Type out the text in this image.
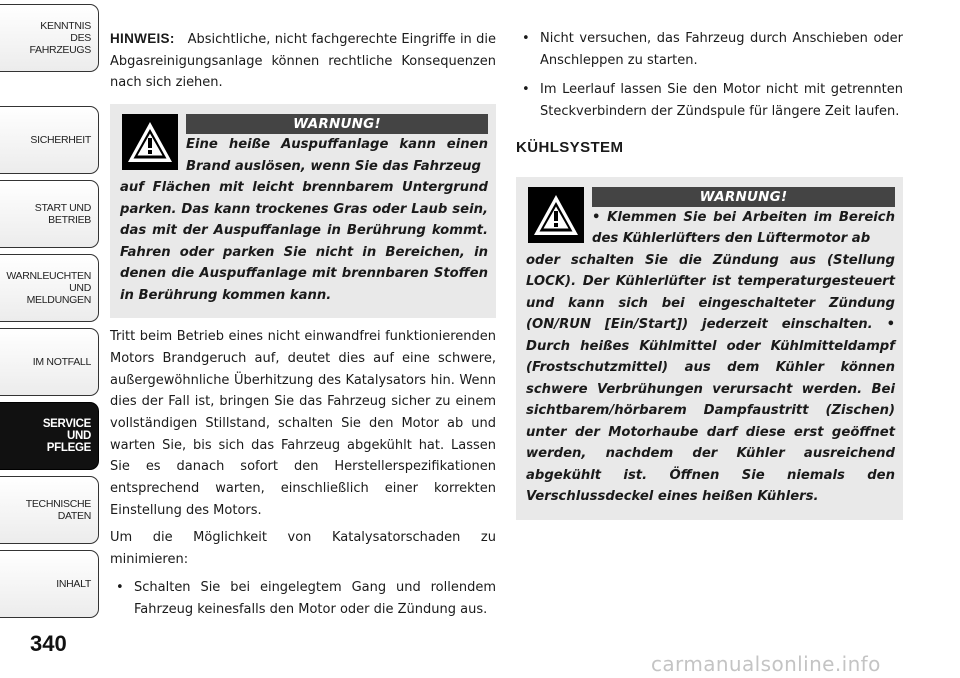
KENNTNIS
DES
FAHRZEUGS
SICHERHEIT
START UND
BETRIEB
WARNLEUCHTEN
UND
MELDUNGEN
IM NOTFALL
SERVICE
UND
PFLEGE
TECHNISCHE
DATEN
INHALT
340

HINWEIS: Absichtliche, nicht fachgerechte Eingriffe in die Abgasreinigungsanlage können rechtliche Konsequenzen nach sich ziehen.

WARNUNG!
Eine heiße Auspuffanlage kann einen Brand auslösen, wenn Sie das Fahrzeug
auf Flächen mit leicht brennbarem Untergrund parken. Das kann trockenes Gras oder Laub sein, das mit der Auspuffanlage in Berührung kommt. Fahren oder parken Sie nicht in Bereichen, in denen die Auspuffanlage mit brennbaren Stoffen in Berührung kommen kann.

Tritt beim Betrieb eines nicht einwandfrei funktionierenden Motors Brandgeruch auf, deutet dies auf eine schwere, außergewöhnliche Überhitzung des Katalysators hin. Wenn dies der Fall ist, bringen Sie das Fahrzeug sicher zu einem vollständigen Stillstand, schalten Sie den Motor ab und warten Sie, bis sich das Fahrzeug abgekühlt hat. Lassen Sie es danach sofort den Herstellerspezifikationen entsprechend warten, einschließlich einer korrekten Einstellung des Motors.

Um die Möglichkeit von Katalysatorschaden zu minimieren:

• Schalten Sie bei eingelegtem Gang und rollendem Fahrzeug keinesfalls den Motor oder die Zündung aus.
• Nicht versuchen, das Fahrzeug durch Anschieben oder Anschleppen zu starten.
• Im Leerlauf lassen Sie den Motor nicht mit getrennten Steckverbindern der Zündspule für längere Zeit laufen.
KÜHLSYSTEM
WARNUNG!
• Klemmen Sie bei Arbeiten im Bereich des Kühlerlüfters den Lüftermotor ab
oder schalten Sie die Zündung aus (Stellung LOCK). Der Kühlerlüfter ist temperaturgesteuert und kann sich bei eingeschalteter Zündung (ON/RUN [Ein/Start]) jederzeit einschalten. • Durch heißes Kühlmittel oder Kühlmitteldampf (Frostschutzmittel) aus dem Kühler können schwere Verbrühungen verursacht werden. Bei sichtbarem/hörbarem Dampfaustritt (Zischen) unter der Motorhaube darf diese erst geöffnet werden, nachdem der Kühler ausreichend abgekühlt ist. Öffnen Sie niemals den Verschlussdeckel eines heißen Kühlers.
carmanualsonline.info
